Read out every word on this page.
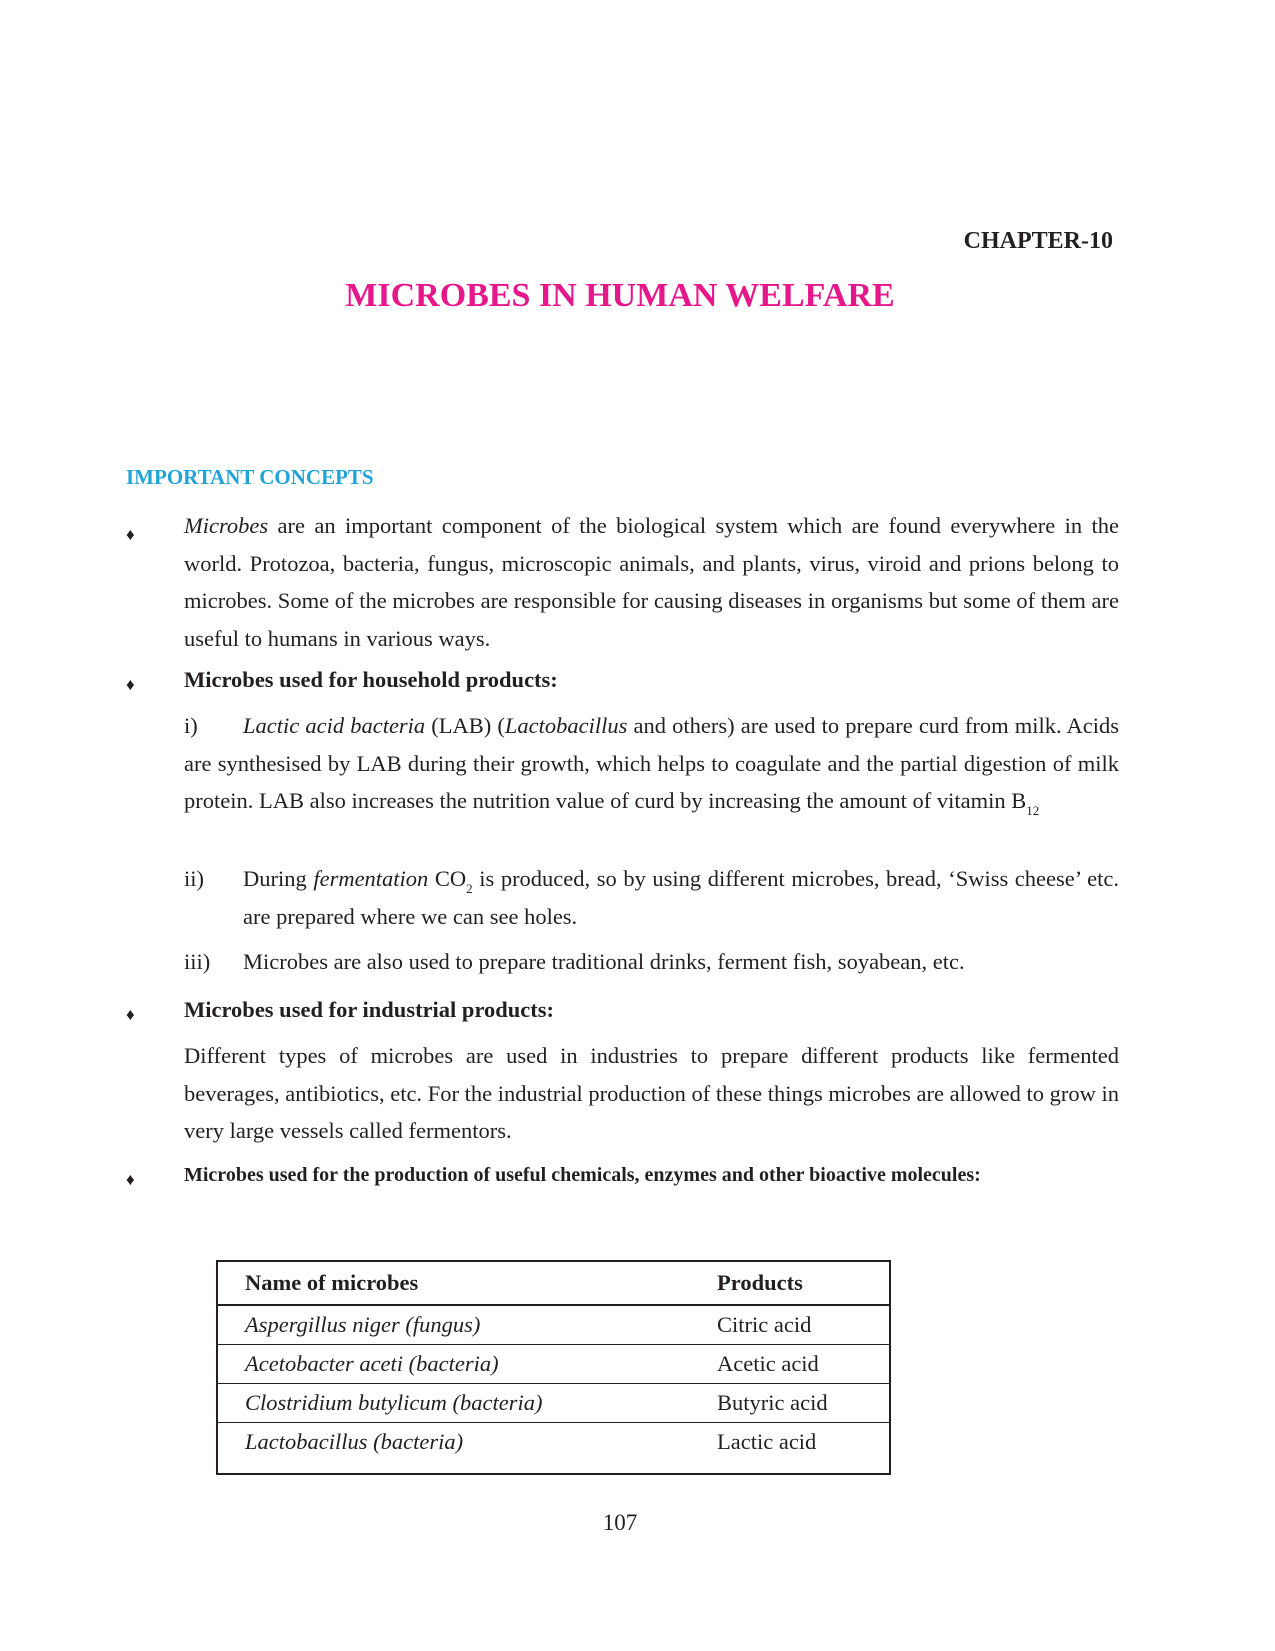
CHAPTER-10
MICROBES IN HUMAN WELFARE
IMPORTANT CONCEPTS
♦ Microbes are an important component of the biological system which are found everywhere in the world. Protozoa, bacteria, fungus, microscopic animals, and plants, virus, viroid and prions belong to microbes. Some of the microbes are responsible for causing diseases in organisms but some of them are useful to humans in various ways.
♦ Microbes used for household products:
i) Lactic acid bacteria (LAB) (Lactobacillus and others) are used to prepare curd from milk. Acids are synthesised by LAB during their growth, which helps to coagulate and the partial digestion of milk protein. LAB also increases the nutrition value of curd by increasing the amount of vitamin $B_{12}$
ii) During fermentation $CO_2$ is produced, so by using different microbes, bread, ‘Swiss cheese’ etc. are prepared where we can see holes.
iii) Microbes are also used to prepare traditional drinks, ferment fish, soyabean, etc.
♦ Microbes used for industrial products:
Different types of microbes are used in industries to prepare different products like fermented beverages, antibiotics, etc. For the industrial production of these things microbes are allowed to grow in very large vessels called fermentors.
♦ Microbes used for the production of useful chemicals, enzymes and other bioactive molecules:
Name of microbes	Products
Aspergillus niger (fungus)	Citric acid
Acetobacter aceti (bacteria)	Acetic acid
Clostridium butylicum (bacteria)	Butyric acid
Lactobacillus (bacteria)	Lactic acid
107
